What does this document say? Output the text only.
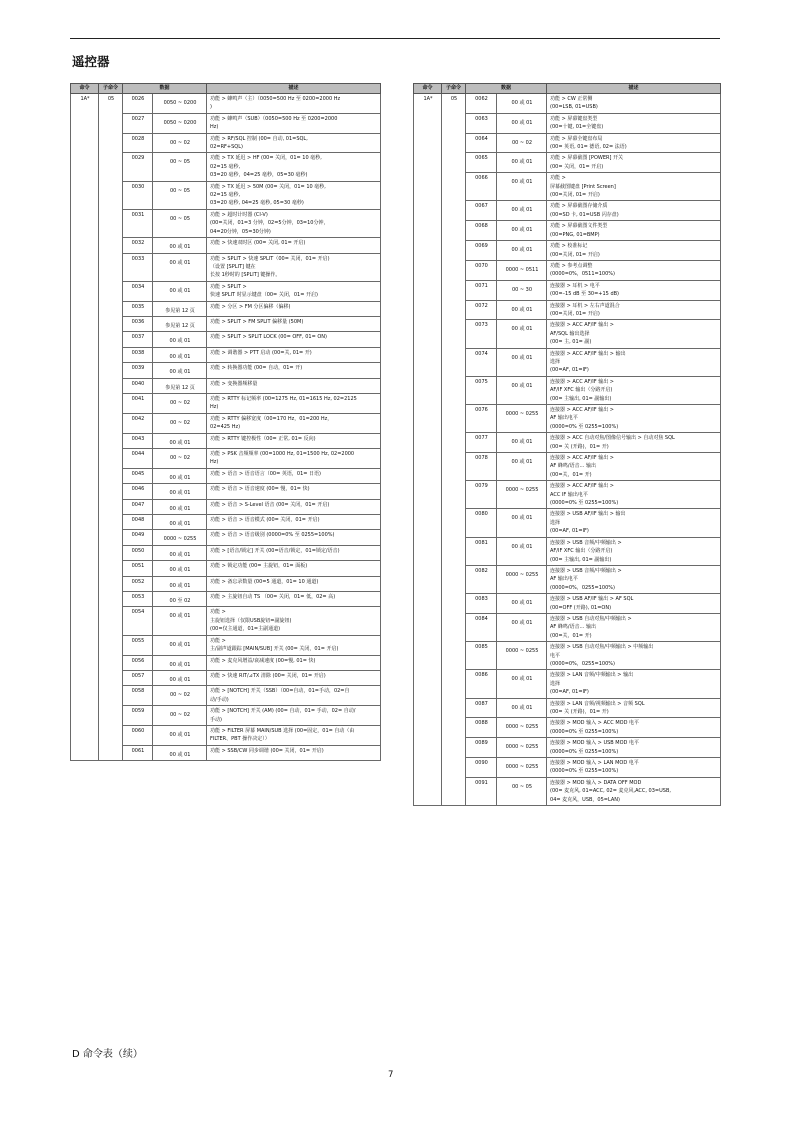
遥控器
命令	子命令	数据		描述
1A*	05	0026	0050 ~ 0200	功能 > 蜂鸣声（主）（0050=500 Hz 至 0200=2000 Hz
)

		0027	0050 ~ 0200	功能 > 蜂鸣声（SUB）（0050=500 Hz 至 0200=2000
Hz)

		0028	00 ~ 02	功能 > RF/SQL 控制 (00= 自动, 01=SQL,
02=RF+SQL)

		0029	00 ~ 05	功能 > TX 延迟 > HF (00= 关闭，01= 10 毫秒,
02=15 毫秒,
03=20 毫秒，04=25 毫秒，05=30 毫秒)

		0030	00 ~ 05	功能 > TX 延迟 > 50M (00= 关闭，01= 10 毫秒,
02=15 毫秒,
03=20 毫秒, 04=25 毫秒, 05=30 毫秒)

		0031	00 ~ 05	功能 > 超时计时器 (CI-V)
(00=关闭，01=3 分钟，02=5分钟，03=10分钟，
04=20分钟，05=30分钟)

		0032	00 或 01	功能 > 快速双时区 (00= 关闭, 01= 开启)

		0033	00 或 01	功能 > SPLIT > 快速 SPLIT（00= 关闭，01= 开启)
（设置 [SPLIT] 键在
长按 1秒时的 [SPLIT] 键操作。

		0034	00 或 01	功能 > SPLIT >
快速 SPLIT 时显示键盘（00= 关闭，01= 开启)

		0035	参见第 12 页	功能 > 分区 > FM 分区偏移（偏移)

		0036	参见第 12 页	功能 > SPLIT > FM SPLIT 偏移量 (50M)

		0037	00 或 01	功能 > SPLIT > SPLIT LOCK (00= OFF, 01= ON)

		0038	00 或 01	功能 > 调谐器 > PTT 启动 (00=关, 01= 开)

		0039	00 或 01	功能 > 转换器功能 (00= 自动，01= 开)

		0040	参见第 12 页	功能 > 变换器频移量

		0041	00 ~ 02	功能 > RTTY 标记频率 (00=1275 Hz, 01=1615 Hz, 02=2125
Hz)

		0042	00 ~ 02	功能 > RTTY 偏移宽度（00=170 Hz，01=200 Hz，
02=425 Hz)

		0043	00 或 01	功能 > RTTY 键控极性（00= 正常, 01= 反向)

		0044	00 ~ 02	功能 > PSK 音频频率 (00=1000 Hz, 01=1500 Hz, 02=2000
Hz)

		0045	00 或 01	功能 > 语音 > 语音语言（00= 英语，01= 日语)

		0046	00 或 01	功能 > 语音 > 语音速度 (00= 慢，01= 快)

		0047	00 或 01	功能 > 语音 > S-Level 语音 (00= 关闭，01= 开启)

		0048	00 或 01	功能 > 语音 > 语音模式 (00= 关闭，01= 开启)

		0049	0000 ~ 0255	功能 > 语音 > 语音级别 (0000=0% 至 0255=100%)

		0050	00 或 01	功能 > [语音/锁定] 开关 (00=语音/锁定，01=锁定/语音)

		0051	00 或 01	功能 > 锁定功能 (00= 主旋钮，01= 面板)

		0052	00 或 01	功能 > 备忘录数量 (00=5 通道，01= 10 通道)

		0053	00 至 02	功能 > 主旋钮自动 TS （00= 关闭，01= 低，02= 高)

		0054	00 或 01	功能 >
主旋钮选择（仅限USB旋钮=副旋钮)
(00=仅主通道，01=主副通道)

		0055	00 或 01	功能 >
主/副声道跟踪 [MAIN/SUB] 开关 (00= 关闭，01= 开启)

		0056	00 或 01	功能 > 麦克风增益/衰减速度 (00=慢, 01= 快)

		0057	00 或 01	功能 > 快速 RIT/⊿TX 清除 (00= 关闭，01= 开启)

		0058	00 ~ 02	功能 > [NOTCH] 开关（SSB）（00=自动，01=手动，02=自
动/手动)

		0059	00 ~ 02	功能 > [NOTCH] 开关 (AM) (00= 自动，01= 手动，02= 自动/
手动)

		0060	00 或 01	功能 > FILTER 屏幕 MAIN/SUB 选择 (00=固定，01= 自动（由
FILTER、PBT 操作决定））

		0061	00 或 01	功能 > SSB/CW 同步调谐 (00= 关闭，01= 开启)
命令	子命令	数据		描述
1A*	05	0062	00 或 01	功能 > CW 正常侧
(00=LSB, 01=USB)

		0063	00 或 01	功能 > 屏幕键盘类型
(00=十键, 01=全键盘)

		0064	00 ~ 02	功能 > 屏幕全键盘布局
(00= 英语, 01= 德语, 02= 法语)

		0065	00 或 01	功能 > 屏幕截图 [POWER] 开关
(00= 关闭，01= 开启)

		0066	00 或 01	功能 >
屏幕截图键盘 [Print Screen]
(00=关闭, 01= 开启)

		0067	00 或 01	功能 > 屏幕截图存储介质
(00=SD 卡, 01=USB 闪存盘)

		0068	00 或 01	功能 > 屏幕截图文件类型
(00=PNG, 01=BMP)

		0069	00 或 01	功能 > 校准标记
(00=关闭, 01= 开启)

		0070	0000 ~ 0511	功能 > 参考点调整
(0000=0%，0511=100%)

		0071	00 ~ 30	连接器 > 耳机 > 电平
(00=–15 dB 至 30=+15 dB)

		0072	00 或 01	连接器 > 耳机 > 左右声道混合
(00=关闭, 01= 开启)

		0073	00 或 01	连接器 > ACC AF/IF 输出 >
AF/SQL 输出选择
(00= 主, 01= 副)

		0074	00 或 01	连接器 > ACC AF/IF 输出 > 输出
选择
(00=AF, 01=IF)

		0075	00 或 01	连接器 > ACC AF/IF 输出 >
AF/IF XFC 输出（分路开启)
(00= 主输出, 01= 副输出)

		0076	0000 ~ 0255	连接器 > ACC AF/IF 输出 >
AF 输出电平
(0000=0% 至 0255=100%)

		0077	00 或 01	连接器 > ACC 自动对焦/图像信号输出 > 自动对焦 SQL
(00= 关 (开路)，01= 开)

		0078	00 或 01	连接器 > ACC AF/IF 输出 >
AF 蜂鸣/语音... 输出
(00=关，01= 开)

		0079	0000 ~ 0255	连接器 > ACC AF/IF 输出 >
ACC IF 输出电平
(0000=0% 至 0255=100%)

		0080	00 或 01	连接器 > USB AF/IF 输出 > 输出
选择
(00=AF, 01=IF)

		0081	00 或 01	连接器 > USB 音频/中频输出 >
AF/IF XFC 输出（分路开启)
(00= 主输出, 01= 副输出)

		0082	0000 ~ 0255	连接器 > USB 音频/中频输出 >
AF 输出电平
(0000=0%，0255=100%)

		0083	00 或 01	连接器 > USB AF/IF 输出 > AF SQL
(00=OFF (开路), 01=ON)

		0084	00 或 01	连接器 > USB 自动对焦/中频输出 >
AF 蜂鸣/语音... 输出
(00=关，01= 开)

		0085	0000 ~ 0255	连接器 > USB 自动对焦/中频输出 > 中频输出
电平
(0000=0%，0255=100%)

		0086	00 或 01	连接器 > LAN 音频/中频输出 > 输出
选择
(00=AF, 01=IF)

		0087	00 或 01	连接器 > LAN 音频/视频输出 > 音频 SQL
(00= 关 (开路)，01= 开)

		0088	0000 ~ 0255	连接器 > MOD 输入 > ACC MOD 电平
(0000=0% 至 0255=100%)

		0089	0000 ~ 0255	连接器 > MOD 输入 > USB MOD 电平
(0000=0% 至 0255=100%)

		0090	0000 ~ 0255	连接器 > MOD 输入 > LAN MOD 电平
(0000=0% 至 0255=100%)

		0091	00 ~ 05	连接器 > MOD 输入 > DATA OFF MOD
(00= 麦克风, 01=ACC, 02= 麦克风,ACC, 03=USB,
04= 麦克风，USB，05=LAN)
D 命令表（续）
7
